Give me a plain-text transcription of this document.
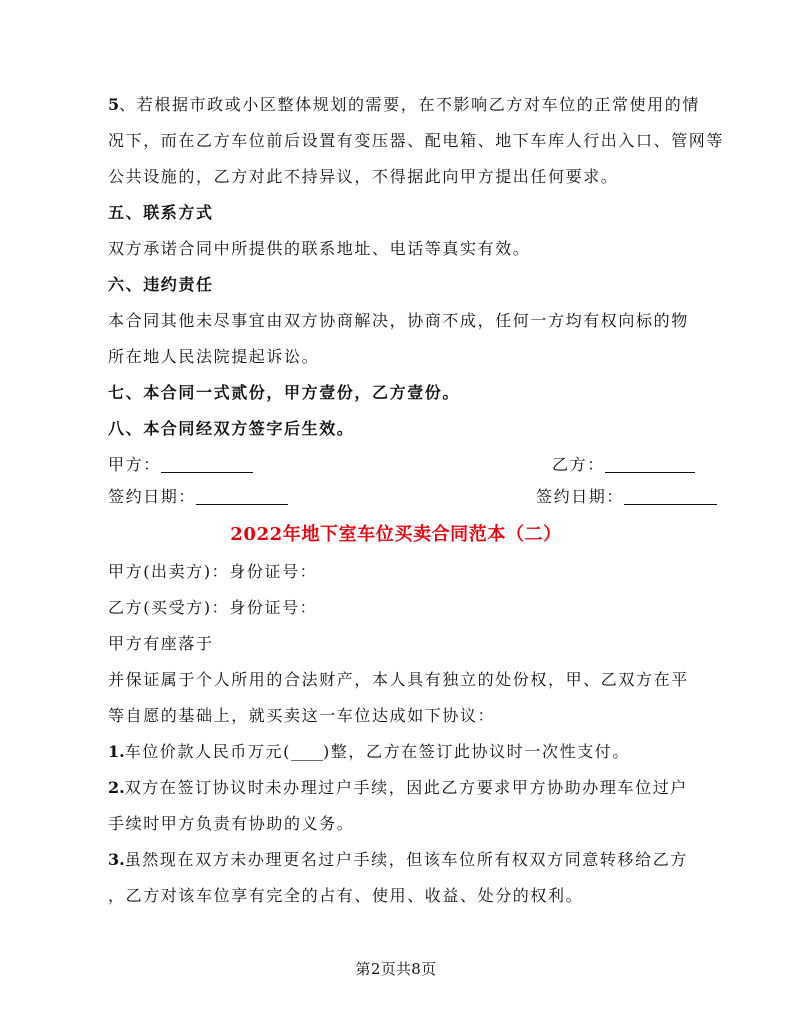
5、若根据市政或小区整体规划的需要，在不影响乙方对车位的正常使用的情
况下，而在乙方车位前后设置有变压器、配电箱、地下车库人行出入口、管网等
公共设施的，乙方对此不持异议，不得据此向甲方提出任何要求。
五、联系方式
双方承诺合同中所提供的联系地址、电话等真实有效。
六、违约责任
本合同其他未尽事宜由双方协商解决，协商不成，任何一方均有权向标的物
所在地人民法院提起诉讼。
七、本合同一式贰份，甲方壹份，乙方壹份。
八、本合同经双方签字后生效。
甲方：	乙方：
签约日期：	签约日期：
2022年地下室车位买卖合同范本（二）
甲方(出卖方)：身份证号：
乙方(买受方)：身份证号：
甲方有座落于
并保证属于个人所用的合法财产，本人具有独立的处份权，甲、乙双方在平
等自愿的基础上，就买卖这一车位达成如下协议：
1.车位价款人民币万元(____)整，乙方在签订此协议时一次性支付。
2.双方在签订协议时未办理过户手续，因此乙方要求甲方协助办理车位过户
手续时甲方负责有协助的义务。
3.虽然现在双方未办理更名过户手续，但该车位所有权双方同意转移给乙方
，乙方对该车位享有完全的占有、使用、收益、处分的权利。
第2页共8页
